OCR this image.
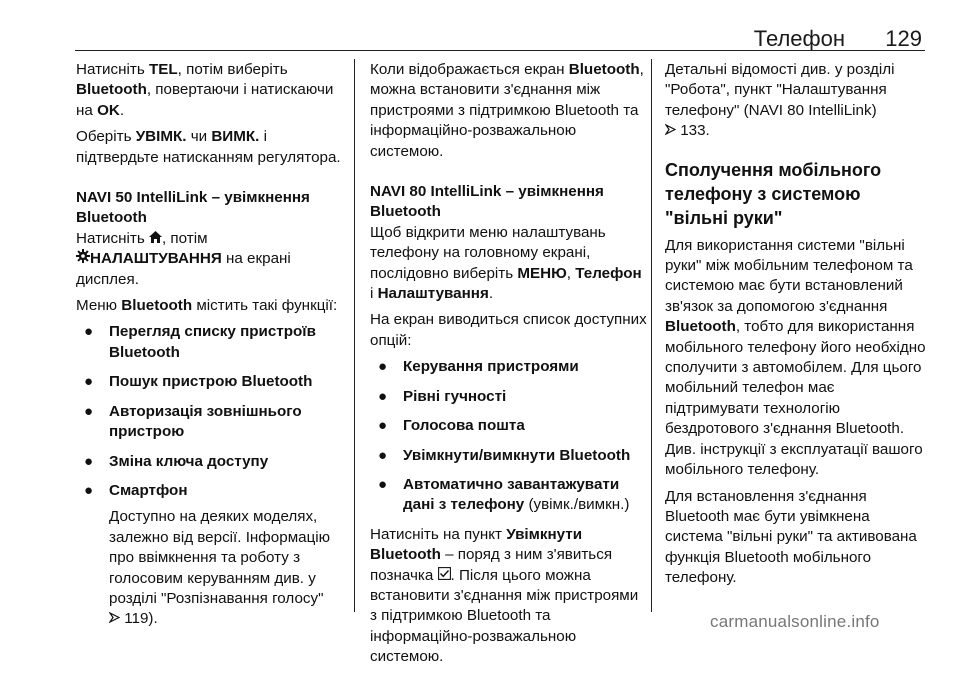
Телефон 129

Натисніть TEL, потім виберіть Bluetooth, повертаючи і натискаючи на OK.

Оберіть УВІМК. чи ВИМК. і підтвердьте натисканням регулятора.

NAVI 50 IntelliLink – увімкнення Bluetooth

Натисніть , потім
НАЛАШТУВАННЯ на екрані дисплея.

Меню Bluetooth містить такі функції:

● Перегляд списку пристроїв Bluetooth
● Пошук пристрою Bluetooth
● Авторизація зовнішнього пристрою
● Зміна ключа доступу
● Смартфон
Доступно на деяких моделях, залежно від версії. Інформацію про ввімкнення та роботу з голосовим керуванням див. у розділі "Розпізнавання голосу"
119).

Коли відображається екран Bluetooth, можна встановити з'єднання між пристроями з підтримкою Bluetooth та інформаційно-розважальною системою.

NAVI 80 IntelliLink – увімкнення Bluetooth

Щоб відкрити меню налаштувань телефону на головному екрані, послідовно виберіть МЕНЮ, Телефон і Налаштування.

На екран виводиться список доступних опцій:

● Керування пристроями
● Рівні гучності
● Голосова пошта
● Увімкнути/вимкнути Bluetooth
● Автоматично завантажувати дані з телефону (увімк./вимкн.)

Натисніть на пункт Увімкнути Bluetooth – поряд з ним з'явиться позначка . Після цього можна встановити з'єднання між пристроями з підтримкою Bluetooth та інформаційно-розважальною системою.

Детальні відомості див. у розділі "Робота", пункт "Налаштування телефону" (NAVI 80 IntelliLink)
133.

Сполучення мобільного телефону з системою "вільні руки"

Для використання системи "вільні руки" між мобільним телефоном та системою має бути встановлений зв'язок за допомогою з'єднання Bluetooth, тобто для використання мобільного телефону його необхідно сполучити з автомобілем. Для цього мобільний телефон має підтримувати технологію бездротового з'єднання Bluetooth. Див. інструкції з експлуатації вашого мобільного телефону.

Для встановлення з'єднання Bluetooth має бути увімкнена система "вільні руки" та активована функція Bluetooth мобільного телефону.

carmanualsonline.info
